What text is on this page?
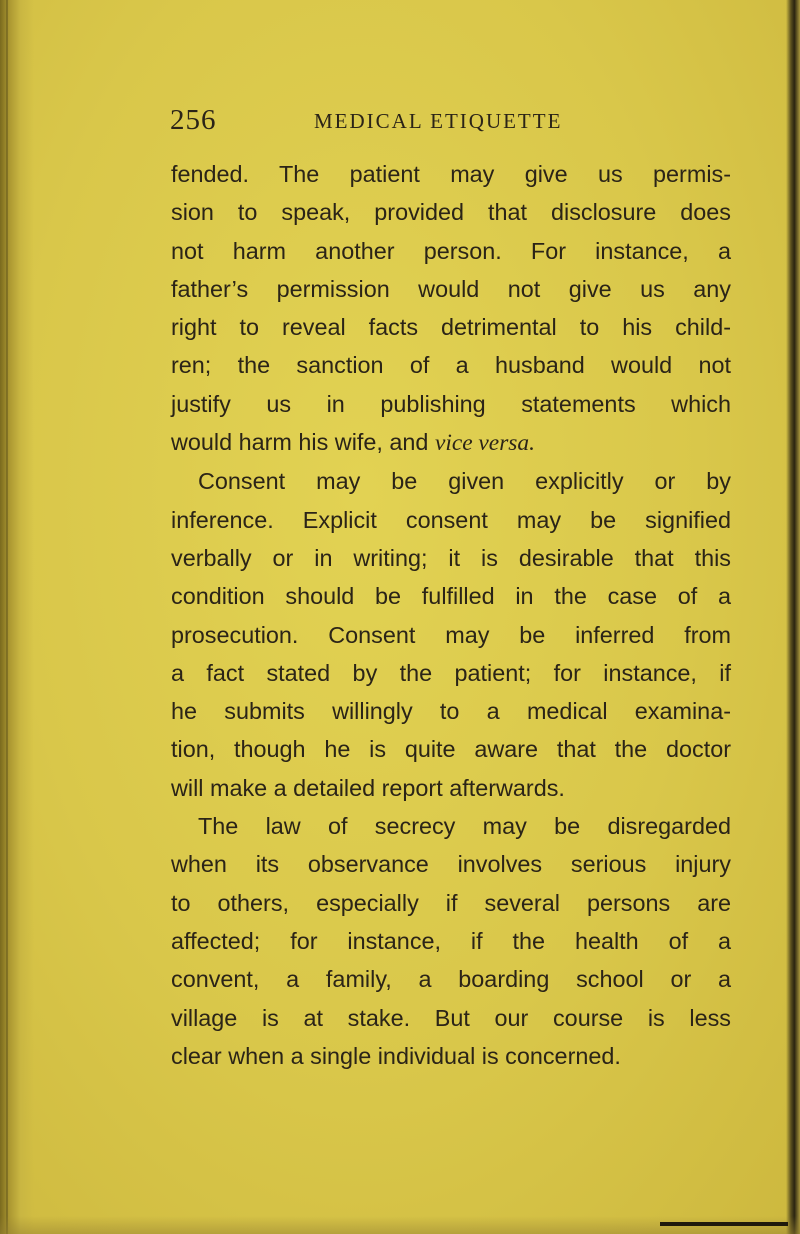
256	MEDICAL ETIQUETTE
fended. The patient may give us permis-
sion to speak, provided that disclosure does
not harm another person. For instance, a
father’s permission would not give us any
right to reveal facts detrimental to his child-
ren; the sanction of a husband would not
justify us in publishing statements which
would harm his wife, and vice versa.
Consent may be given explicitly or by
inference. Explicit consent may be signified
verbally or in writing; it is desirable that this
condition should be fulfilled in the case of a
prosecution. Consent may be inferred from
a fact stated by the patient; for instance, if
he submits willingly to a medical examina-
tion, though he is quite aware that the doctor
will make a detailed report afterwards.
The law of secrecy may be disregarded
when its observance involves serious injury
to others, especially if several persons are
affected; for instance, if the health of a
convent, a family, a boarding school or a
village is at stake. But our course is less
clear when a single individual is concerned.
